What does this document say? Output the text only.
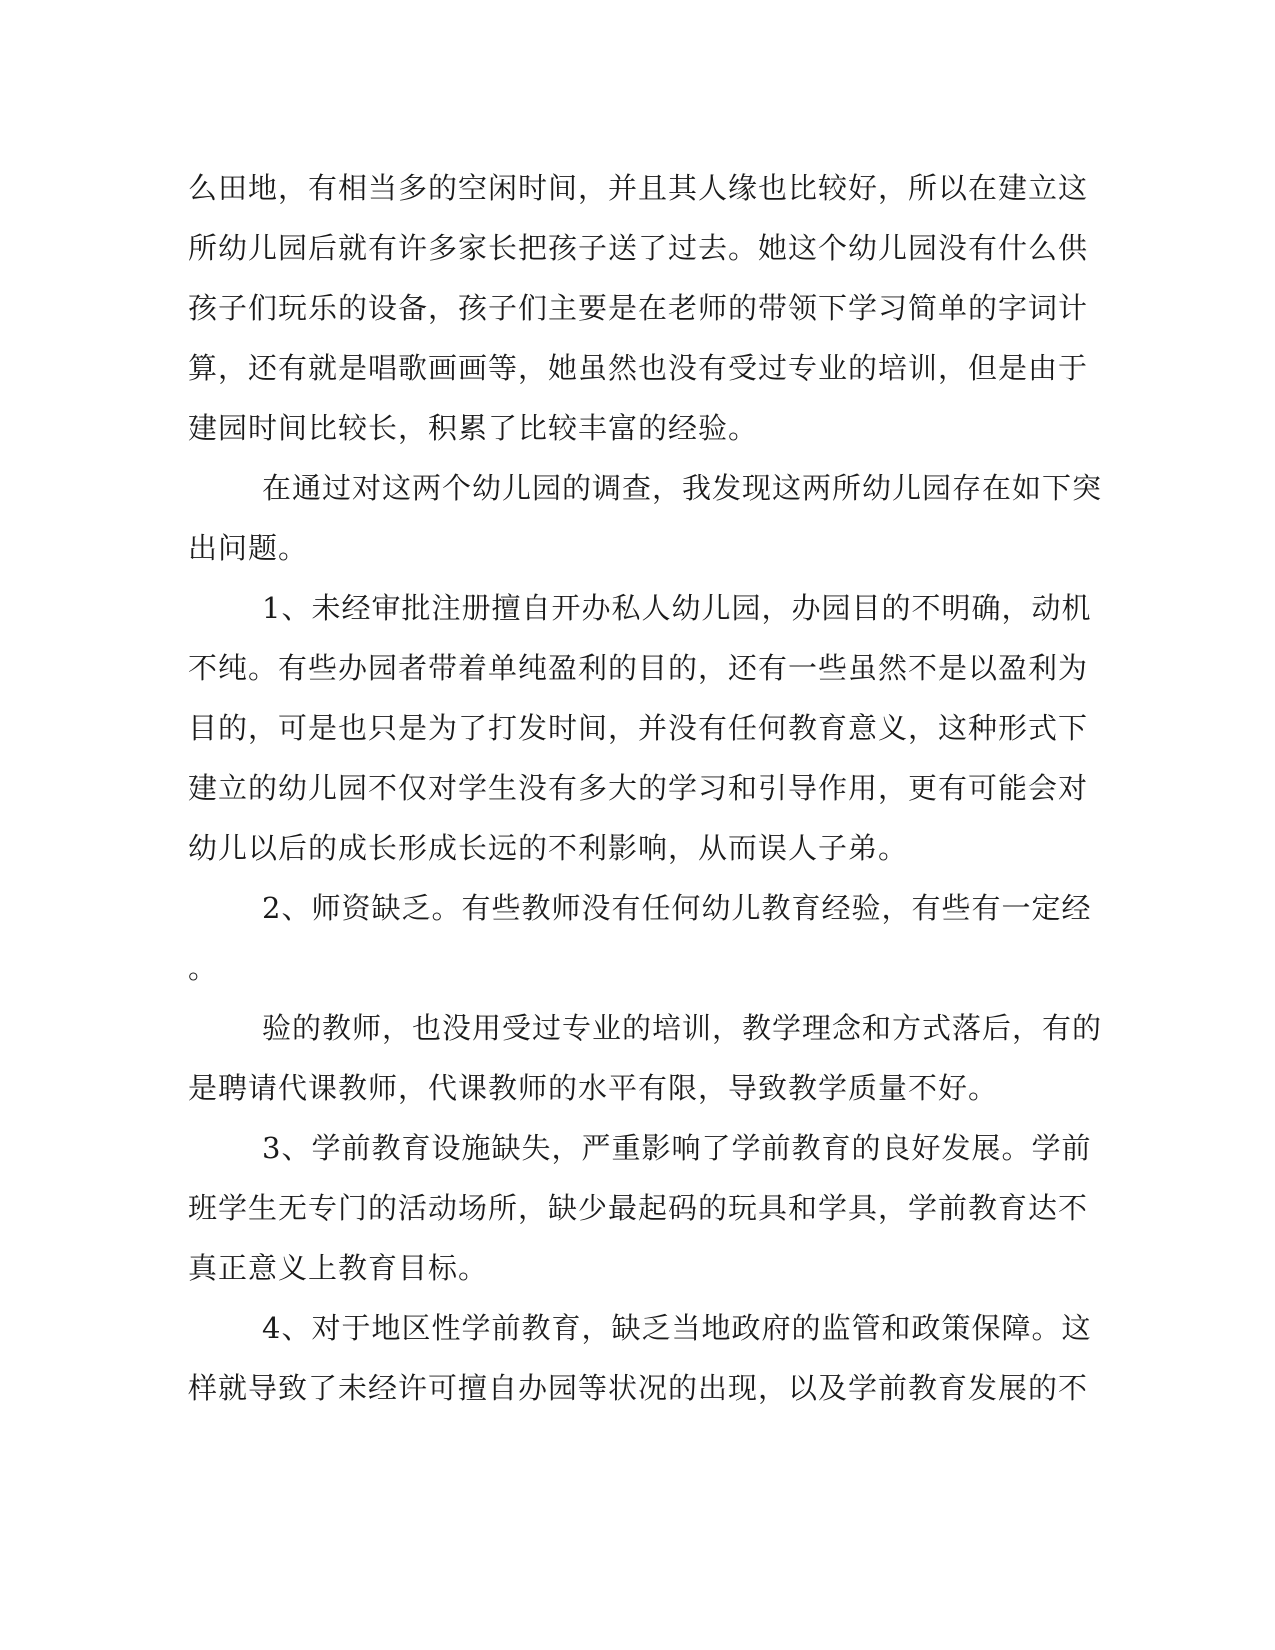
么田地，有相当多的空闲时间，并且其人缘也比较好，所以在建立这
所幼儿园后就有许多家长把孩子送了过去。她这个幼儿园没有什么供
孩子们玩乐的设备，孩子们主要是在老师的带领下学习简单的字词计
算，还有就是唱歌画画等，她虽然也没有受过专业的培训，但是由于
建园时间比较长，积累了比较丰富的经验。
在通过对这两个幼儿园的调查，我发现这两所幼儿园存在如下突
出问题。
1、未经审批注册擅自开办私人幼儿园，办园目的不明确，动机
不纯。有些办园者带着单纯盈利的目的，还有一些虽然不是以盈利为
目的，可是也只是为了打发时间，并没有任何教育意义，这种形式下
建立的幼儿园不仅对学生没有多大的学习和引导作用，更有可能会对
幼儿以后的成长形成长远的不利影响，从而误人子弟。
2、师资缺乏。有些教师没有任何幼儿教育经验，有些有一定经
。
验的教师，也没用受过专业的培训，教学理念和方式落后，有的
是聘请代课教师，代课教师的水平有限，导致教学质量不好。
3、学前教育设施缺失，严重影响了学前教育的良好发展。学前
班学生无专门的活动场所，缺少最起码的玩具和学具，学前教育达不
真正意义上教育目标。
4、对于地区性学前教育，缺乏当地政府的监管和政策保障。这
样就导致了未经许可擅自办园等状况的出现，以及学前教育发展的不
